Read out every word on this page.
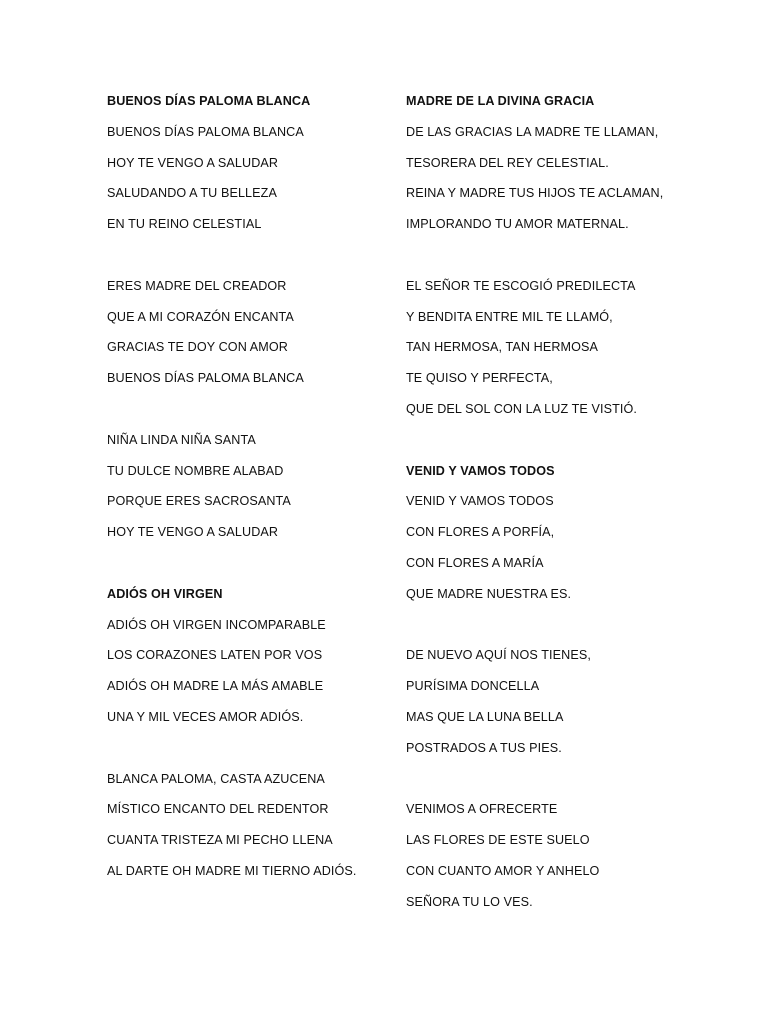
BUENOS DÍAS PALOMA BLANCA
BUENOS DÍAS PALOMA BLANCA
HOY TE VENGO A SALUDAR
SALUDANDO A TU BELLEZA
EN TU REINO CELESTIAL
ERES MADRE DEL CREADOR
QUE A MI CORAZÓN ENCANTA
GRACIAS TE DOY CON AMOR
BUENOS DÍAS PALOMA BLANCA
NIÑA LINDA NIÑA SANTA
TU DULCE NOMBRE ALABAD
PORQUE ERES SACROSANTA
HOY TE VENGO A SALUDAR
ADIÓS OH VIRGEN
ADIÓS OH VIRGEN INCOMPARABLE
LOS CORAZONES LATEN POR VOS
ADIÓS OH MADRE LA MÁS AMABLE
UNA Y MIL VECES AMOR ADIÓS.
BLANCA PALOMA, CASTA AZUCENA
MÍSTICO ENCANTO DEL REDENTOR
CUANTA TRISTEZA MI PECHO LLENA
AL DARTE OH MADRE MI TIERNO ADIÓS.
MADRE DE LA DIVINA GRACIA
DE LAS GRACIAS LA MADRE TE LLAMAN,
TESORERA DEL REY CELESTIAL.
REINA Y MADRE TUS HIJOS TE ACLAMAN,
IMPLORANDO TU AMOR MATERNAL.
EL SEÑOR TE ESCOGIÓ PREDILECTA
Y BENDITA ENTRE MIL TE LLAMÓ,
TAN HERMOSA, TAN HERMOSA
TE QUISO Y PERFECTA,
QUE DEL SOL CON LA LUZ TE VISTIÓ.
VENID Y VAMOS TODOS
VENID Y VAMOS TODOS
CON FLORES A PORFÍA,
CON FLORES A MARÍA
QUE MADRE NUESTRA ES.
DE NUEVO AQUÍ NOS TIENES,
PURÍSIMA DONCELLA
MAS QUE LA LUNA BELLA
POSTRADOS A TUS PIES.
VENIMOS A OFRECERTE
LAS FLORES DE ESTE SUELO
CON CUANTO AMOR Y ANHELO
SEÑORA TU LO VES.
